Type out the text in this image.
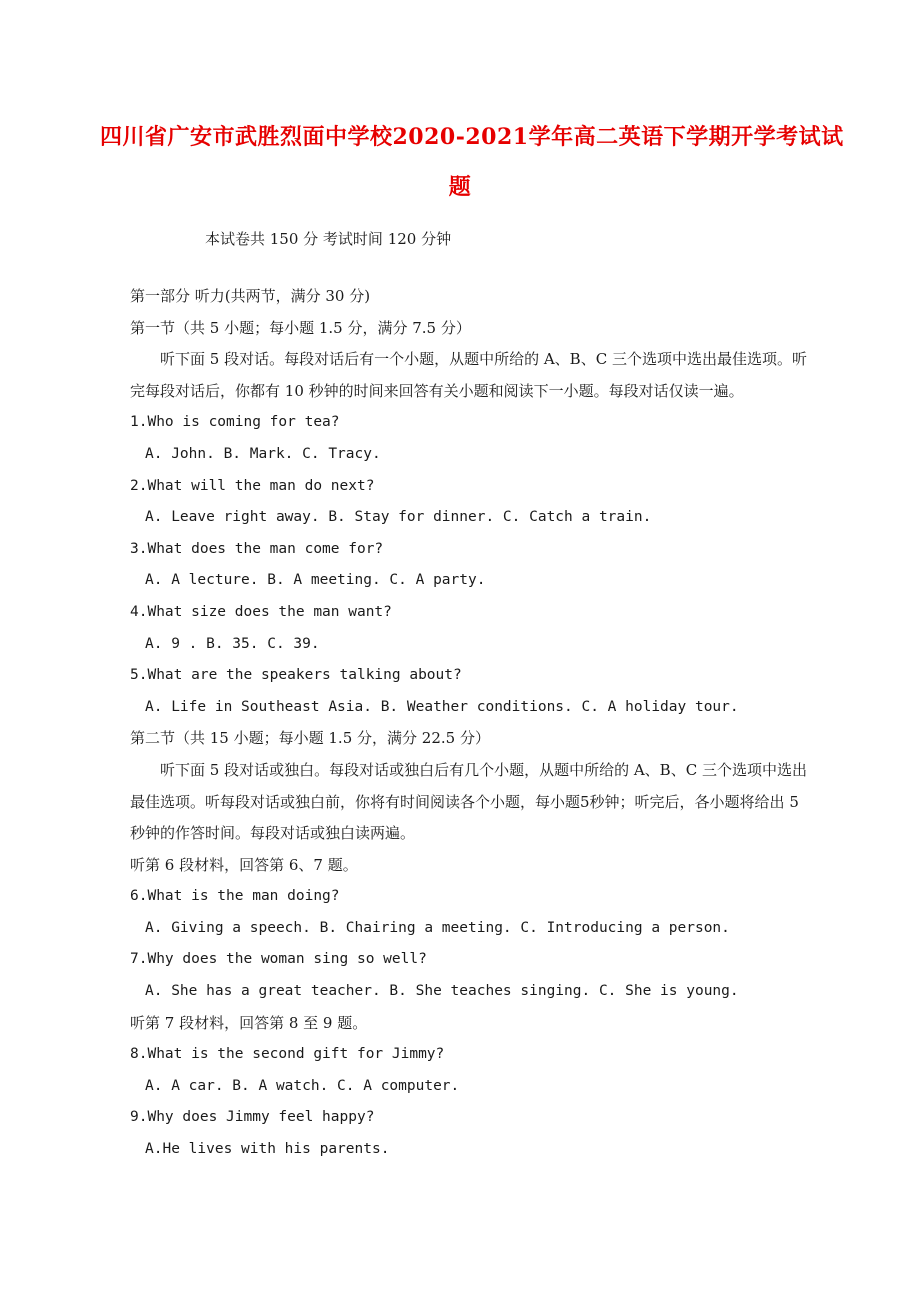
四川省广安市武胜烈面中学校2020-2021学年高二英语下学期开学考试试
题
本试卷共 150 分 考试时间 120 分钟
第一部分 听力(共两节，满分 30 分)
第一节（共 5 小题；每小题 1.5 分，满分 7.5 分）
听下面 5 段对话。每段对话后有一个小题，从题中所给的 A、B、C 三个选项中选出最佳选项。听完每段对话后，你都有 10 秒钟的时间来回答有关小题和阅读下一小题。每段对话仅读一遍。
1.Who is coming for tea?
A. John. B. Mark. C. Tracy.
2.What will the man do next?
A. Leave right away. B. Stay for dinner. C. Catch a train.
3.What does the man come for?
A. A lecture. B. A meeting. C. A party.
4.What size does the man want?
A. 9 . B. 35. C. 39.
5.What are the speakers talking about?
A. Life in Southeast Asia. B. Weather conditions. C. A holiday tour.
第二节（共 15 小题；每小题 1.5 分，满分 22.5 分）
听下面 5 段对话或独白。每段对话或独白后有几个小题，从题中所给的 A、B、C 三个选项中选出最佳选项。听每段对话或独白前，你将有时间阅读各个小题，每小题5秒钟；听完后，各小题将给出 5 秒钟的作答时间。每段对话或独白读两遍。
听第 6 段材料，回答第 6、7 题。
6.What is the man doing?
A. Giving a speech. B. Chairing a meeting. C. Introducing a person.
7.Why does the woman sing so well?
A. She has a great teacher. B. She teaches singing. C. She is young.
听第 7 段材料，回答第 8 至 9 题。
8.What is the second gift for Jimmy?
A. A car. B. A watch. C. A computer.
9.Why does Jimmy feel happy?
A.He lives with his parents.
